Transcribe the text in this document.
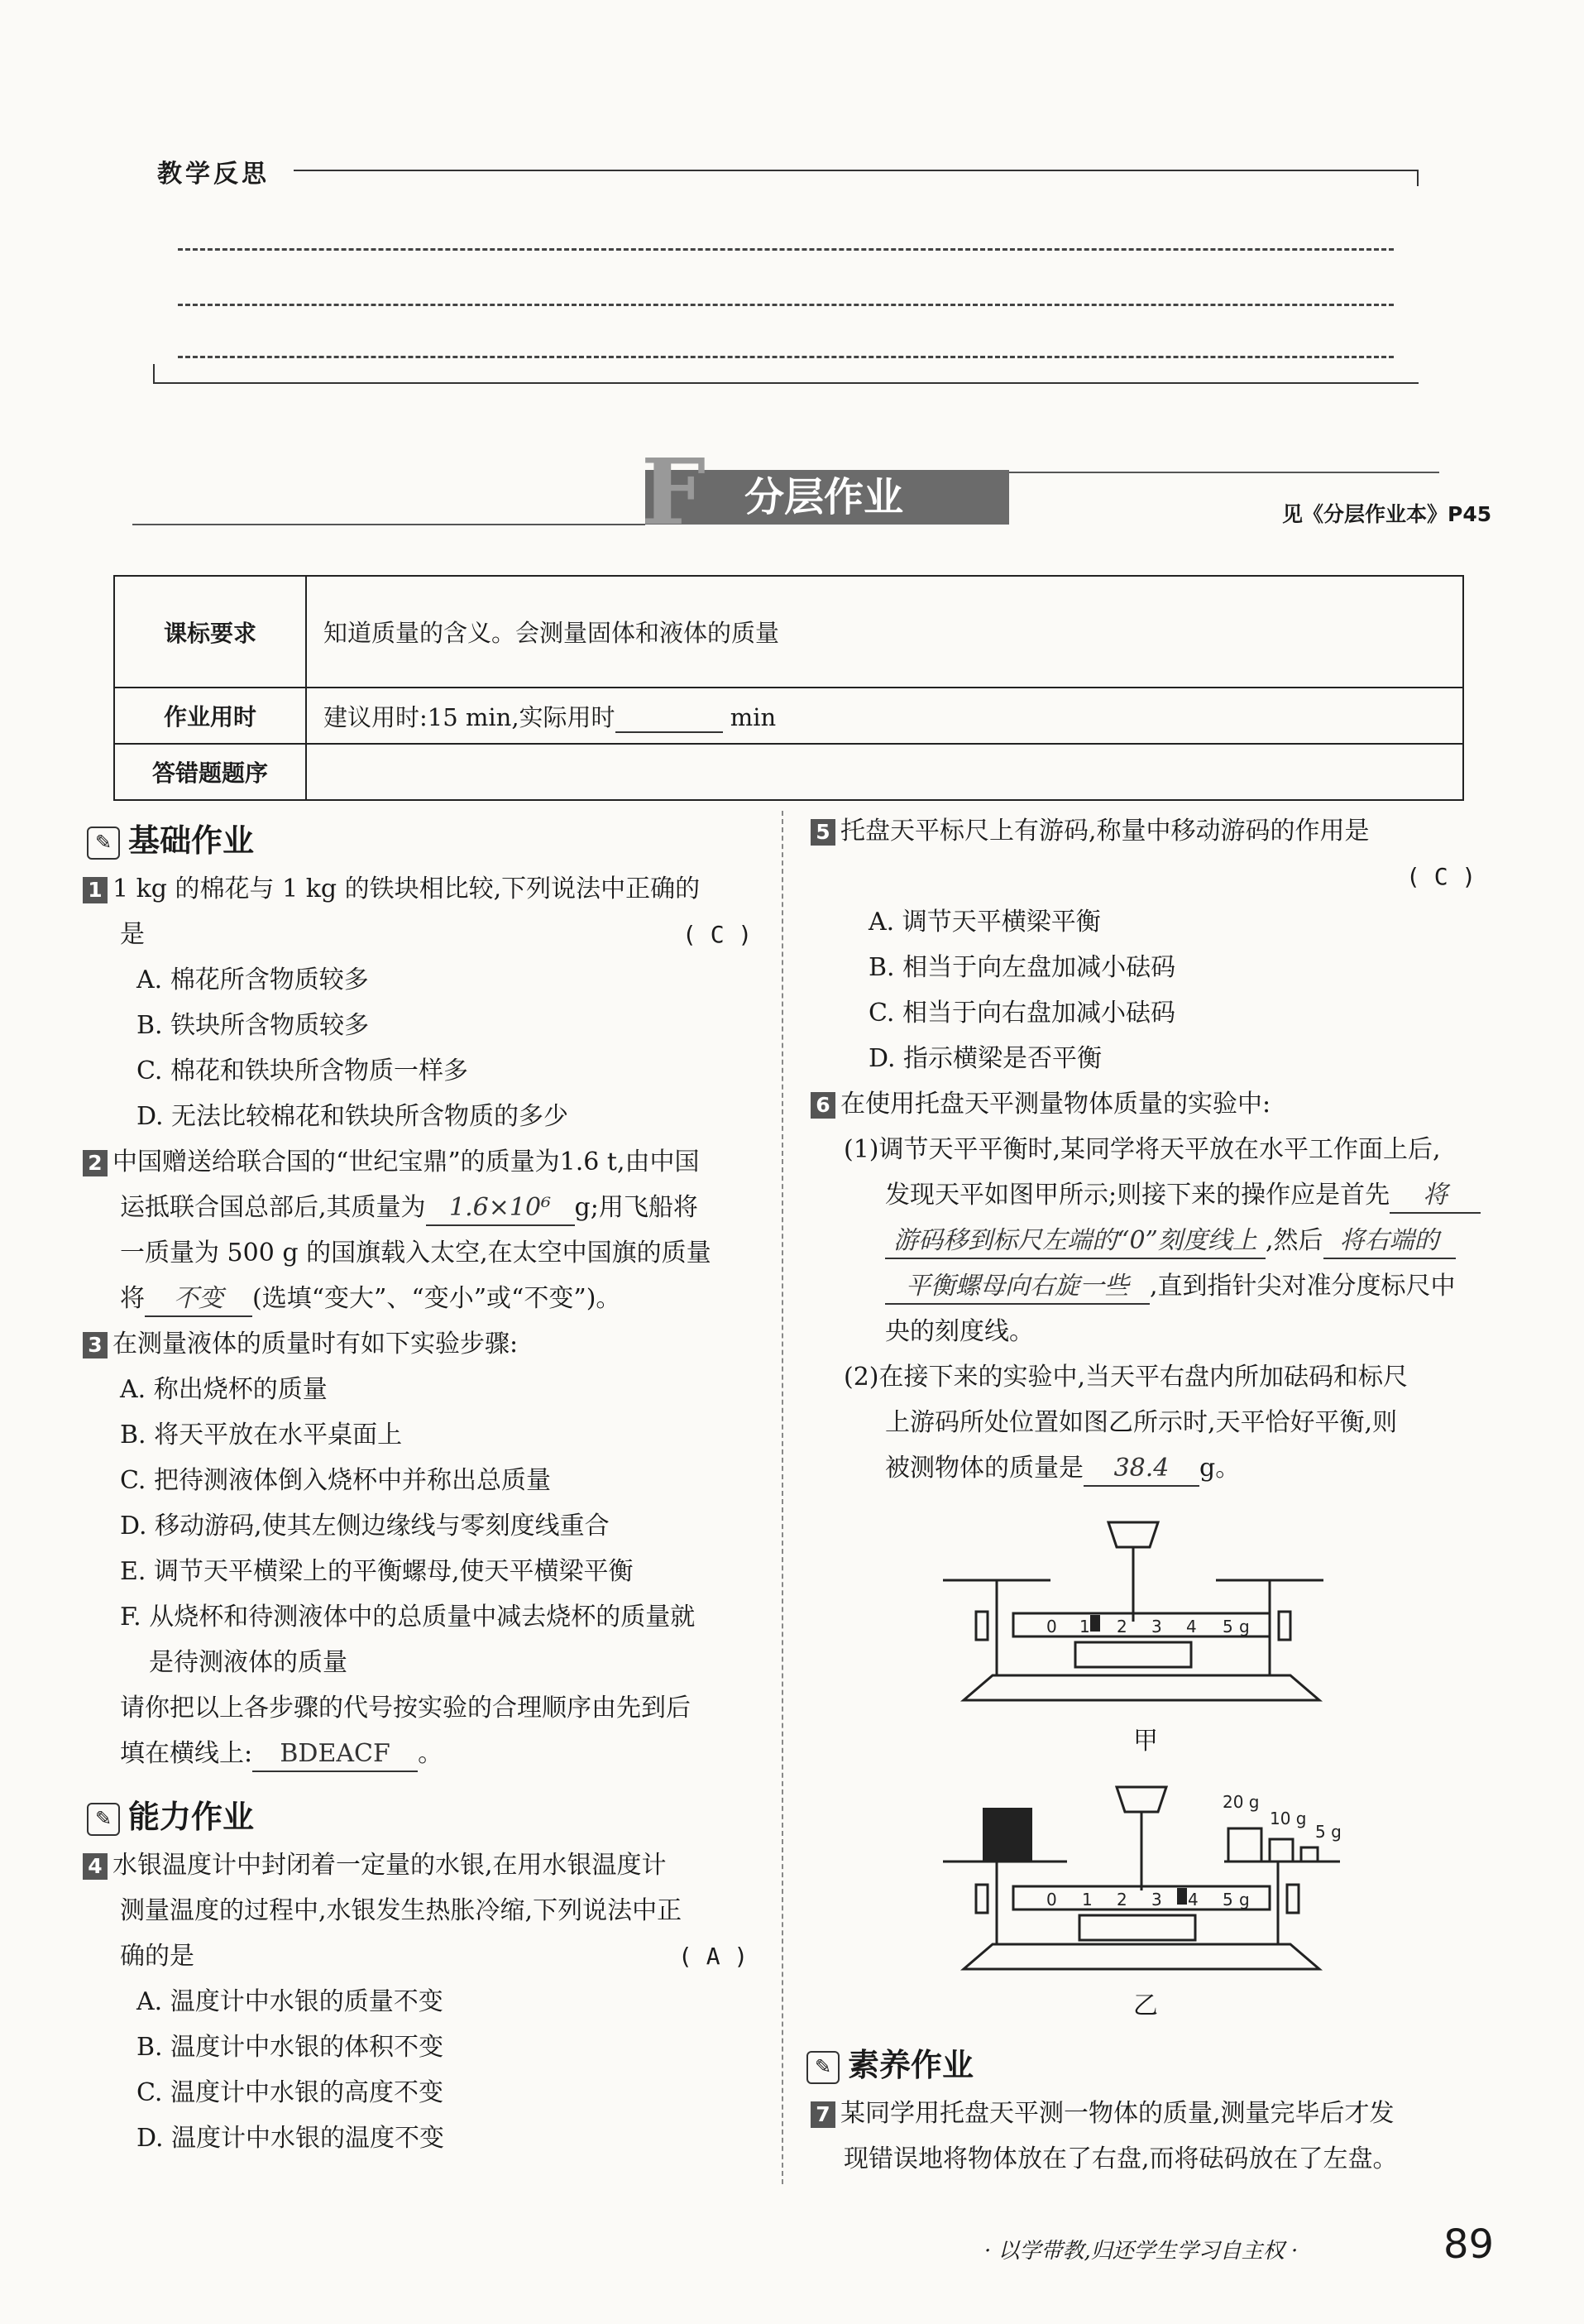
教学反思
分层作业
F	见《分层作业本》P45
课标要求	知道质量的含义。会测量固体和液体的质量
作业用时	建议用时:15 min,实际用时 min
答错题题序	
✎ 基础作业
1 1 kg 的棉花与 1 kg 的铁块相比较,下列说法中正确的
是	( C )
A. 棉花所含物质较多
B. 铁块所含物质较多
C. 棉花和铁块所含物质一样多
D. 无法比较棉花和铁块所含物质的多少
2 中国赠送给联合国的“世纪宝鼎”的质量为1.6 t,由中国
运抵联合国总部后,其质量为 1.6×10⁶ g;用飞船将
一质量为 500 g 的国旗载入太空,在太空中国旗的质量
将 不变 (选填“变大”、“变小”或“不变”)。
3 在测量液体的质量时有如下实验步骤:
A. 称出烧杯的质量
B. 将天平放在水平桌面上
C. 把待测液体倒入烧杯中并称出总质量
D. 移动游码,使其左侧边缘线与零刻度线重合
E. 调节天平横梁上的平衡螺母,使天平横梁平衡
F. 从烧杯和待测液体中的总质量中减去烧杯的质量就
是待测液体的质量
请你把以上各步骤的代号按实验的合理顺序由先到后
填在横线上: BDEACF 。
✎ 能力作业
4 水银温度计中封闭着一定量的水银,在用水银温度计
测量温度的过程中,水银发生热胀冷缩,下列说法中正
确的是	( A )
A. 温度计中水银的质量不变
B. 温度计中水银的体积不变
C. 温度计中水银的高度不变
D. 温度计中水银的温度不变
5 托盘天平标尺上有游码,称量中移动游码的作用是
( C )
A. 调节天平横梁平衡
B. 相当于向左盘加减小砝码
C. 相当于向右盘加减小砝码
D. 指示横梁是否平衡
6 在使用托盘天平测量物体质量的实验中:
(1)调节天平平衡时,某同学将天平放在水平工作面上后,
发现天平如图甲所示;则接下来的操作应是首先 将
游码移到标尺左端的“0”刻度线上 ,然后 将右端的
平衡螺母向右旋一些 ,直到指针尖对准分度标尺中
央的刻度线。
(2)在接下来的实验中,当天平右盘内所加砝码和标尺
上游码所处位置如图乙所示时,天平恰好平衡,则
被测物体的质量是 38.4 g。
0 1 2 3 4 5 g
甲
0 1 2 3 4 5 g
20 g
10 g
5 g
乙
✎ 素养作业
7 某同学用托盘天平测一物体的质量,测量完毕后才发
现错误地将物体放在了右盘,而将砝码放在了左盘。
· 以学带教,归还学生学习自主权 ·	89
